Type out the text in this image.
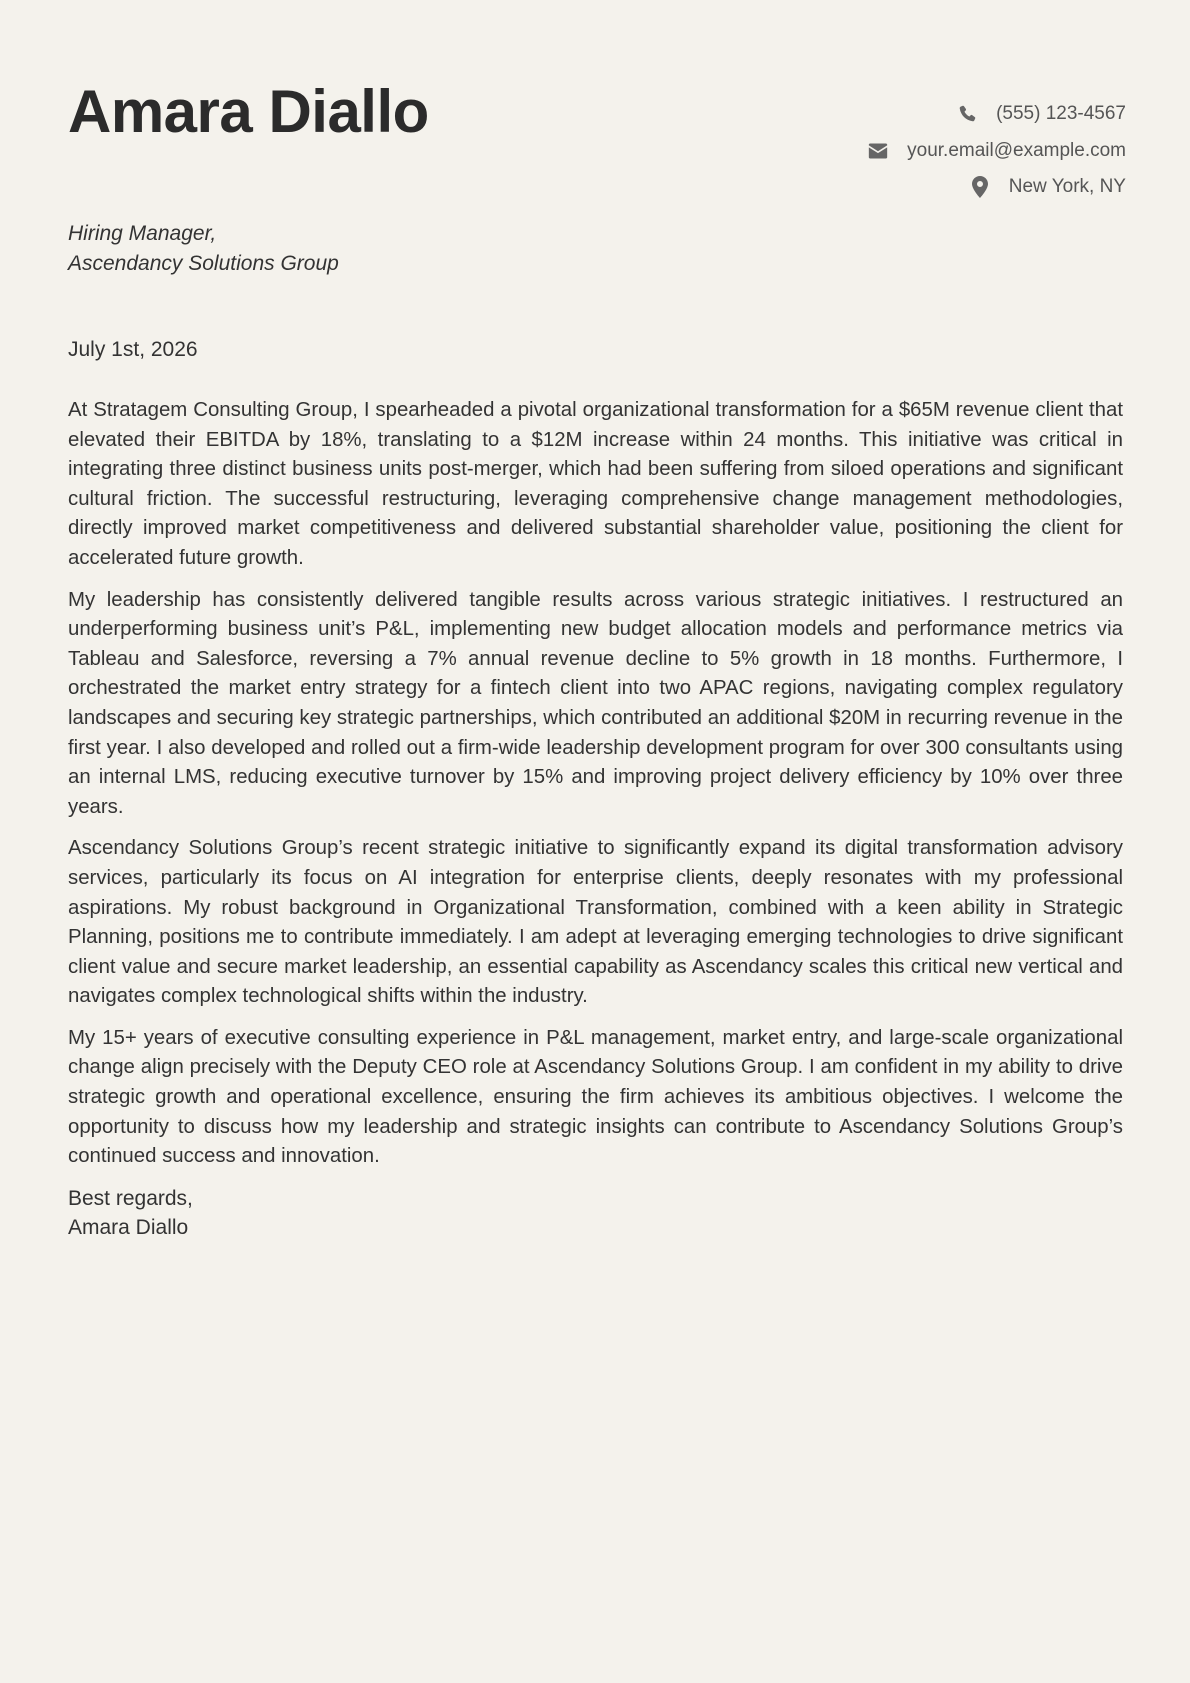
Amara Diallo	(555) 123-4567
your.email@example.com
New York, NY
Hiring Manager,
Ascendancy Solutions Group
July 1st, 2026

At Stratagem Consulting Group, I spearheaded a pivotal organizational transformation for a $65M revenue client that elevated their EBITDA by 18%, translating to a $12M increase within 24 months. This initiative was critical in integrating three distinct business units post-merger, which had been suffering from siloed operations and significant cultural friction. The successful restructuring, leveraging comprehensive change management methodologies, directly improved market competitiveness and delivered substantial shareholder value, positioning the client for accelerated future growth.

My leadership has consistently delivered tangible results across various strategic initiatives. I restructured an underperforming business unit’s P&L, implementing new budget allocation models and performance metrics via Tableau and Salesforce, reversing a 7% annual revenue decline to 5% growth in 18 months. Furthermore, I orchestrated the market entry strategy for a fintech client into two APAC regions, navigating complex regulatory landscapes and securing key strategic partnerships, which contributed an additional $20M in recurring revenue in the first year. I also developed and rolled out a firm-wide leadership development program for over 300 consultants using an internal LMS, reducing executive turnover by 15% and improving project delivery efficiency by 10% over three years.

Ascendancy Solutions Group’s recent strategic initiative to significantly expand its digital transformation advisory services, particularly its focus on AI integration for enterprise clients, deeply resonates with my professional aspirations. My robust background in Organizational Transformation, combined with a keen ability in Strategic Planning, positions me to contribute immediately. I am adept at leveraging emerging technologies to drive significant client value and secure market leadership, an essential capability as Ascendancy scales this critical new vertical and navigates complex technological shifts within the industry.

My 15+ years of executive consulting experience in P&L management, market entry, and large-scale organizational change align precisely with the Deputy CEO role at Ascendancy Solutions Group. I am confident in my ability to drive strategic growth and operational excellence, ensuring the firm achieves its ambitious objectives. I welcome the opportunity to discuss how my leadership and strategic insights can contribute to Ascendancy Solutions Group’s continued success and innovation.

Best regards,
Amara Diallo
